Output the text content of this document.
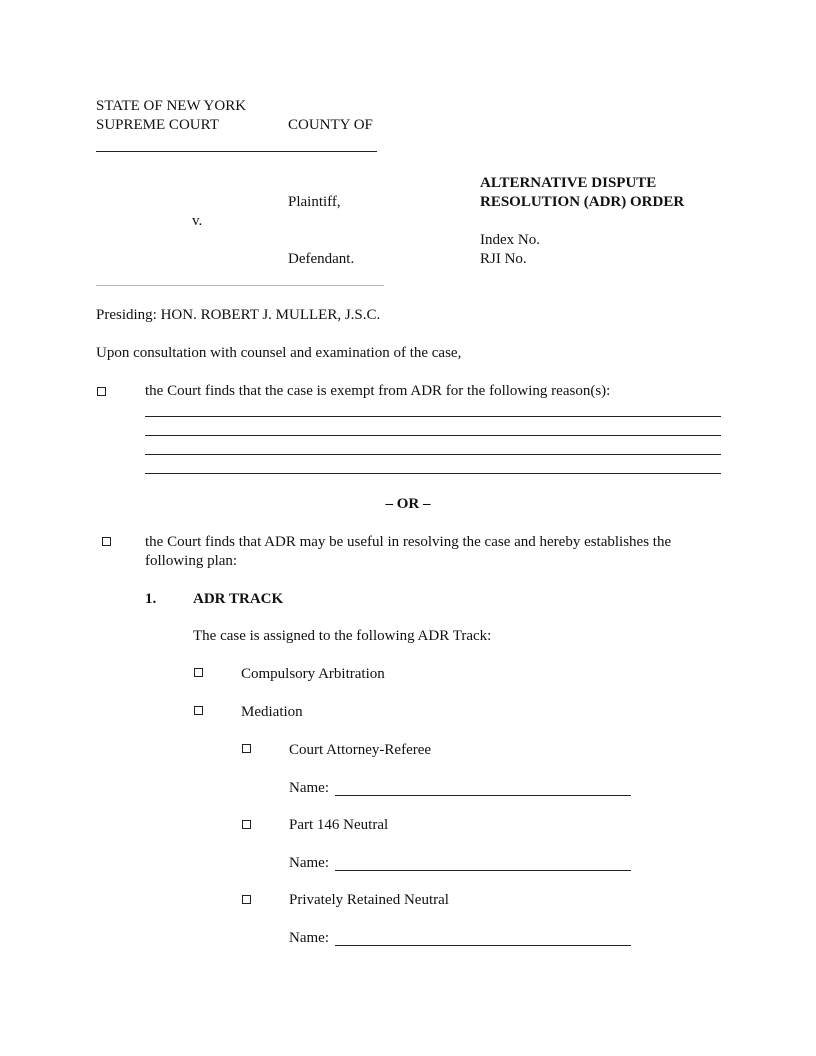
STATE OF NEW YORK
SUPREME COURT	COUNTY OF
ALTERNATIVE DISPUTE
RESOLUTION (ADR) ORDER
Plaintiff,
v.
Index No.
Defendant.	RJI No.
Presiding: HON. ROBERT J. MULLER, J.S.C.
Upon consultation with counsel and examination of the case,
the Court finds that the case is exempt from ADR for the following reason(s):
– OR –
the Court finds that ADR may be useful in resolving the case and hereby establishes the
following plan:
1. ADR TRACK
The case is assigned to the following ADR Track:
Compulsory Arbitration
Mediation
Court Attorney-Referee
Name:
Part 146 Neutral
Name:
Privately Retained Neutral
Name:
